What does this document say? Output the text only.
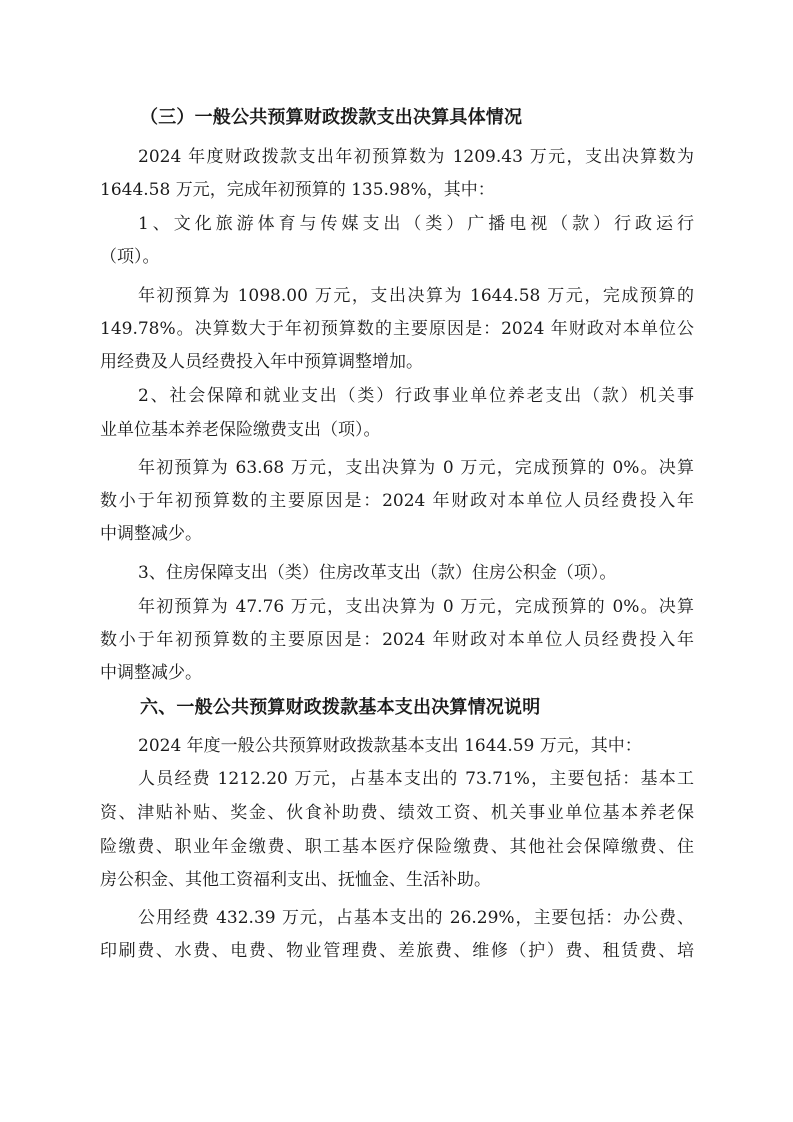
（三）一般公共预算财政拨款支出决算具体情况
2024 年度财政拨款支出年初预算数为 1209.43 万元，支出决算数为
1644.58 万元，完成年初预算的 135.98%，其中：
1、文化旅游体育与传媒支出（类）广播电视（款）行政运行
（项）。
年初预算为 1098.00 万元，支出决算为 1644.58 万元，完成预算的
149.78%。决算数大于年初预算数的主要原因是：2024 年财政对本单位公
用经费及人员经费投入年中预算调整增加。
2、社会保障和就业支出（类）行政事业单位养老支出（款）机关事
业单位基本养老保险缴费支出（项）。
年初预算为 63.68 万元，支出决算为 0 万元，完成预算的 0%。决算
数小于年初预算数的主要原因是：2024 年财政对本单位人员经费投入年
中调整减少。
3、住房保障支出（类）住房改革支出（款）住房公积金（项）。
年初预算为 47.76 万元，支出决算为 0 万元，完成预算的 0%。决算
数小于年初预算数的主要原因是：2024 年财政对本单位人员经费投入年
中调整减少。
六、一般公共预算财政拨款基本支出决算情况说明
2024 年度一般公共预算财政拨款基本支出 1644.59 万元，其中：
人员经费 1212.20 万元，占基本支出的 73.71%，主要包括：基本工
资、津贴补贴、奖金、伙食补助费、绩效工资、机关事业单位基本养老保
险缴费、职业年金缴费、职工基本医疗保险缴费、其他社会保障缴费、住
房公积金、其他工资福利支出、抚恤金、生活补助。
公用经费 432.39 万元，占基本支出的 26.29%，主要包括：办公费、
印刷费、水费、电费、物业管理费、差旅费、维修（护）费、租赁费、培
